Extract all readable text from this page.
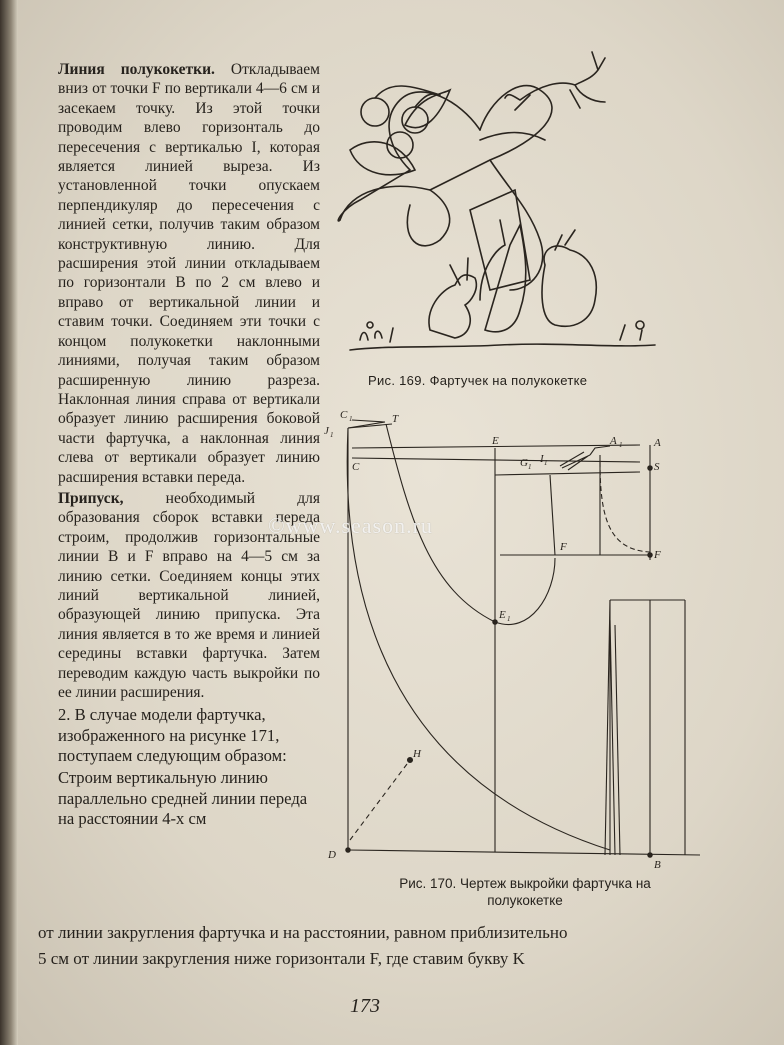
Линия полукокетки. Откладываем вниз от точки F по вертикали 4—6 см и засекаем точку. Из этой точки проводим влево горизонталь до пересечения с вертикалью I, которая является линией выреза. Из установленной точки опускаем перпендикуляр до пересечения с линией сетки, получив таким образом конструктивную линию. Для расширения этой линии откладываем по горизонтали B по 2 см влево и вправо от вертикальной линии и ставим точки. Соединяем эти точки с концом полукокетки наклонными линиями, получая таким образом расширенную линию разреза. Наклонная линия справа от вертикали образует линию расширения боковой части фартучка, а наклонная линия слева от вертикали образует линию расширения вставки переда.

Припуск, необходимый для образования сборок вставки переда строим, продолжив горизонтальные линии B и F вправо на 4—5 см за линию сетки. Соединяем концы этих линий вертикальной линией, образующей линию припуска. Эта линия является в то же время и линией середины вставки фартучка. Затем переводим каждую часть выкройки по ее линии расширения.

2. В случае модели фартучка, изображенного на рисунке 171, поступаем следующим образом:

Строим вертикальную линию параллельно средней линии переда на расстоянии 4-х см

Рис. 169. Фартучек на полукокетке
C 1	T
J 1
C
E	A 1	A
G 1
I 1	S
F
F
E 1
H
D
B
Рис. 170. Чертеж выкройки фартучка на
полукокетке
©www.season.ru
от линии закругления фартучка и на расстоянии, равном приблизительно
5 см от линии закругления ниже горизонтали F, где ставим букву K
173
